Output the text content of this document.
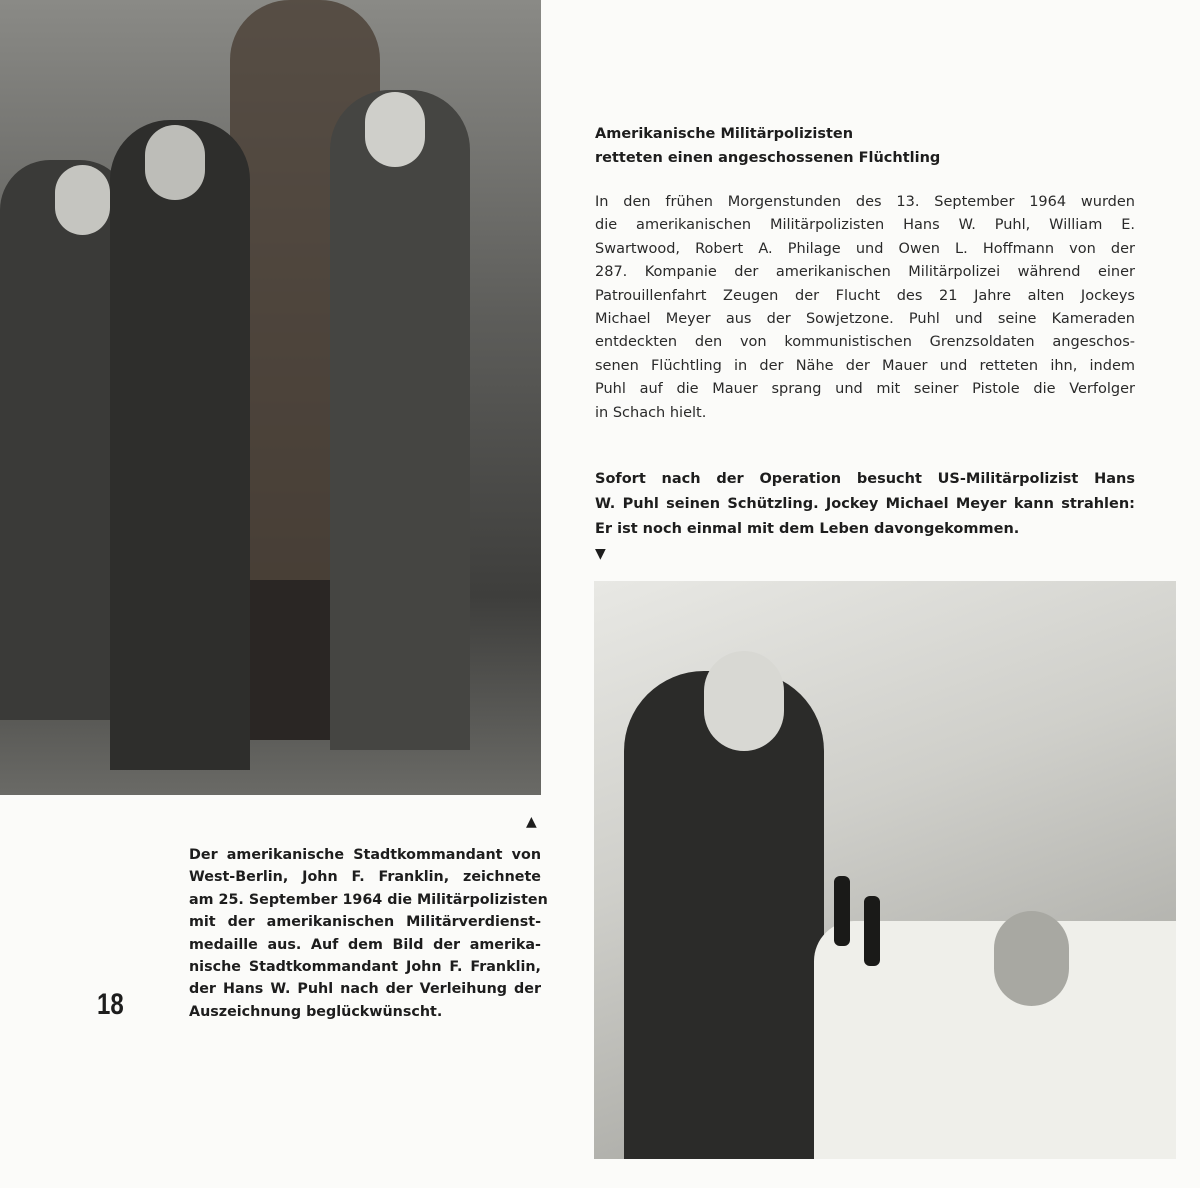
Amerikanische Militärpolizisten
retteten einen angeschossenen Flüchtling
In den frühen Morgenstunden des 13. September 1964 wurden
die amerikanischen Militärpolizisten Hans W. Puhl, William E.
Swartwood, Robert A. Philage und Owen L. Hoffmann von der
287. Kompanie der amerikanischen Militärpolizei während einer
Patrouillenfahrt Zeugen der Flucht des 21 Jahre alten Jockeys
Michael Meyer aus der Sowjetzone. Puhl und seine Kameraden
entdeckten den von kommunistischen Grenzsoldaten angeschos-
senen Flüchtling in der Nähe der Mauer und retteten ihn, indem
Puhl auf die Mauer sprang und mit seiner Pistole die Verfolger
in Schach hielt.
Sofort nach der Operation besucht US-Militärpolizist Hans
W. Puhl seinen Schützling. Jockey Michael Meyer kann strahlen:
Er ist noch einmal mit dem Leben davongekommen.
▼
▲
Der amerikanische Stadtkommandant von
West-Berlin, John F. Franklin, zeichnete
am 25. September 1964 die Militärpolizisten
mit der amerikanischen Militärverdienst-
medaille aus. Auf dem Bild der amerika-
nische Stadtkommandant John F. Franklin,
der Hans W. Puhl nach der Verleihung der
Auszeichnung beglückwünscht.
18
